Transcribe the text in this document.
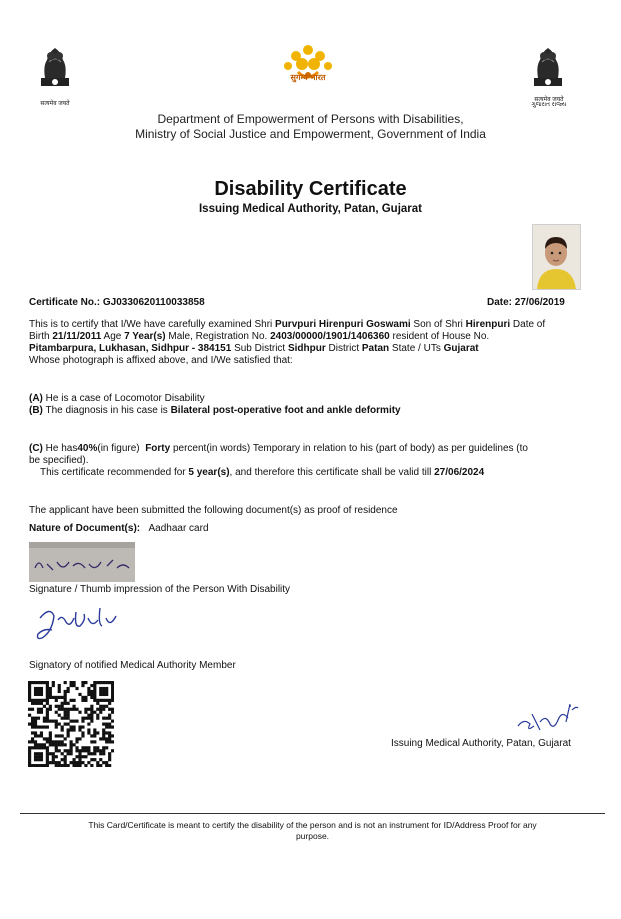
सत्यमेव जयते
सुगम्य भारत
सत्यमेव जयते
ગુજરાત રાજ્ય
Department of Empowerment of Persons with Disabilities,
Ministry of Social Justice and Empowerment, Government of India
Disability Certificate
Issuing Medical Authority, Patan, Gujarat
Certificate No.: GJ0330620110033858	Date: 27/06/2019
This is to certify that I/We have carefully examined Shri Purvpuri Hirenpuri Goswami Son of Shri Hirenpuri Date of
Birth 21/11/2011 Age 7 Year(s) Male, Registration No. 2403/00000/1901/1406360 resident of House No.
Pitambarpura, Lukhasan, Sidhpur - 384151 Sub District Sidhpur District Patan State / UTs Gujarat
Whose photograph is affixed above, and I/We satisfied that:
(A) He is a case of Locomotor Disability
(B) The diagnosis in his case is Bilateral post-operative foot and ankle deformity
(C) He has40%(in figure) Forty percent(in words) Temporary in relation to his (part of body) as per guidelines (to
be specified).
This certificate recommended for 5 year(s), and therefore this certificate shall be valid till 27/06/2024
The applicant have been submitted the following document(s) as proof of residence
Nature of Document(s): Aadhaar card
Signature / Thumb impression of the Person With Disability
Signatory of notified Medical Authority Member
Issuing Medical Authority, Patan, Gujarat
This Card/Certificate is meant to certify the disability of the person and is not an instrument for ID/Address Proof for any
purpose.
